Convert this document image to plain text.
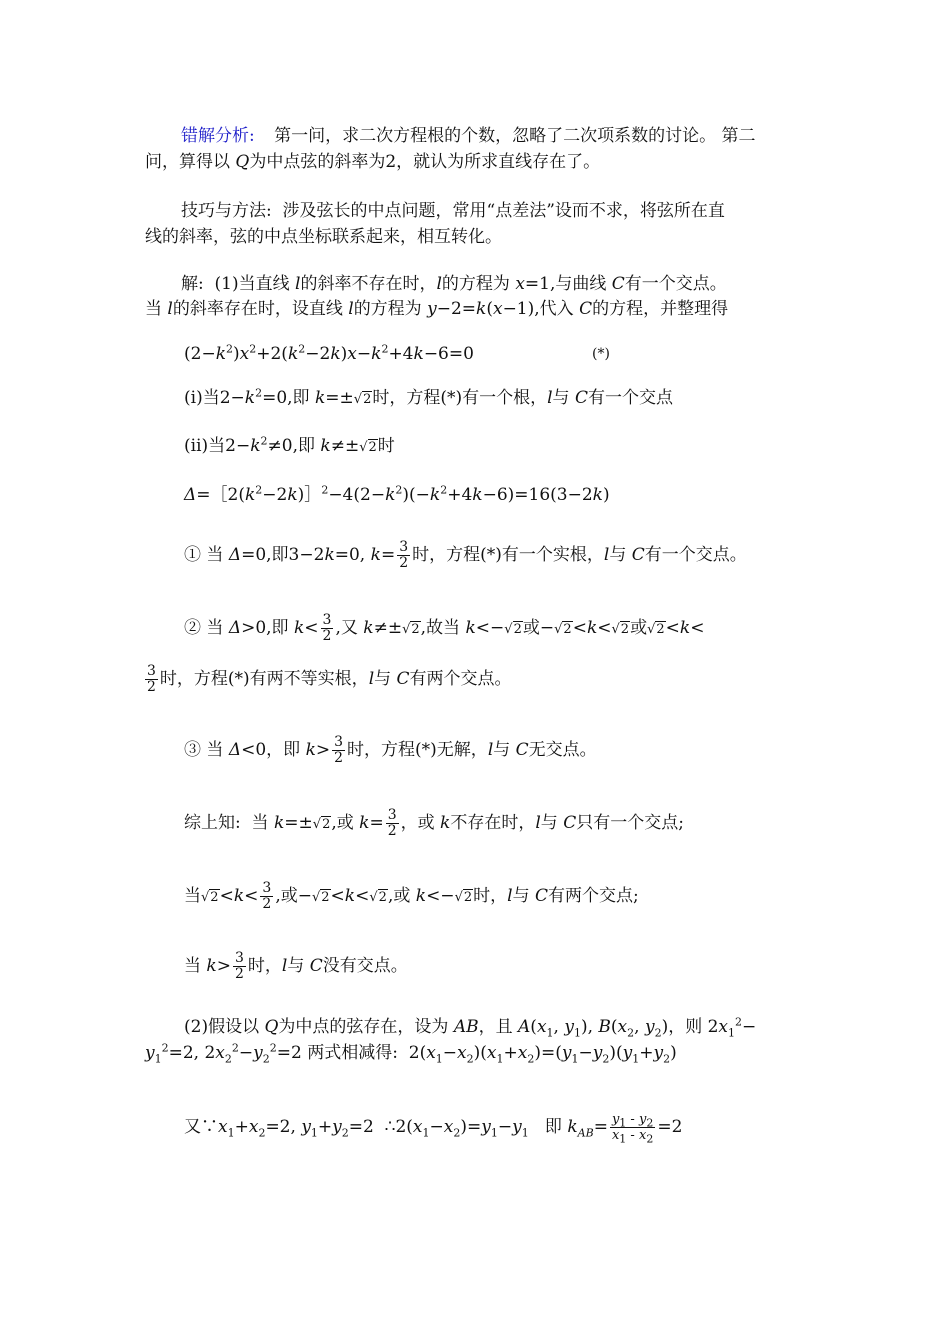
错解分析: 第一问，求二次方程根的个数，忽略了二次项系数的讨论。 第二
问，算得以 Q为中点弦的斜率为2，就认为所求直线存在了。
技巧与方法:  涉及弦长的中点问题，常用“点差法”设而不求，将弦所在直
线的斜率，弦的中点坐标联系起来，相互转化。
解:  (1)当直线 l的斜率不存在时，l的方程为 x=1,与曲线 C有一个交点。
当 l的斜率存在时，设直线 l的方程为 y−2=k(x−1),代入 C的方程，并整理得
$(2-k^2)x^2+2(k^2-2k)x-k^2+4k-6=0$	(*)
(ⅰ)当$2-k^2=0$,即 k=±√2时，方程(*)有一个根，l与 C有一个交点
(ⅱ)当$2-k^2\ne 0$,即 k≠±√2时
$\Delta=[2(k^2-2k)]^2-4(2-k^2)(-k^2+4k-6)=16(3-2k)$
① 当 Δ=0,即3−2k=0, $k= \frac{3}{2}$ 时，方程(*)有一个实根，l与 C有一个交点。
② 当 Δ>0,即 $k< \frac{3}{2}$ ,又 k≠±√2,故当 k<−√2或−√2<k<√2或√2<k<
$\frac{3}{2}$ 时，方程(*)有两不等实根，l与 C有两个交点。
③ 当 Δ<0，即 $k> \frac{3}{2}$ 时，方程(*)无解，l与 C无交点。
综上知:  当 k=±√2,或 $k= \frac{3}{2}$ ，或 k不存在时，l与 C只有一个交点;
当$√2<k< \frac{3}{2}$ ,或−√2<k<√2,或 k<−√2时，l与 C有两个交点;
当 $k> \frac{3}{2}$ 时，l与 C没有交点。
(2)假设以 Q为中点的弦存在，设为 AB，且 $A(x_1$, $y_1$), $B(x_2$, $y_2$)，则 $2x_1^2-$
$y_1^2=2$, $2x_2^2-y_2^2=2$ 两式相减得:  $2(x_1-x_2)(x_1+x_2)=(y_1-y_2)(y_1+y_2)$
又$\because x_1+x_2=2$, $y_1+y_2=2$  $\therefore 2(x_1-x_2)=y_1-y_1$   即 $k_{AB}= \frac{y_1 - y_2}{x_1 - x_2} =2$
